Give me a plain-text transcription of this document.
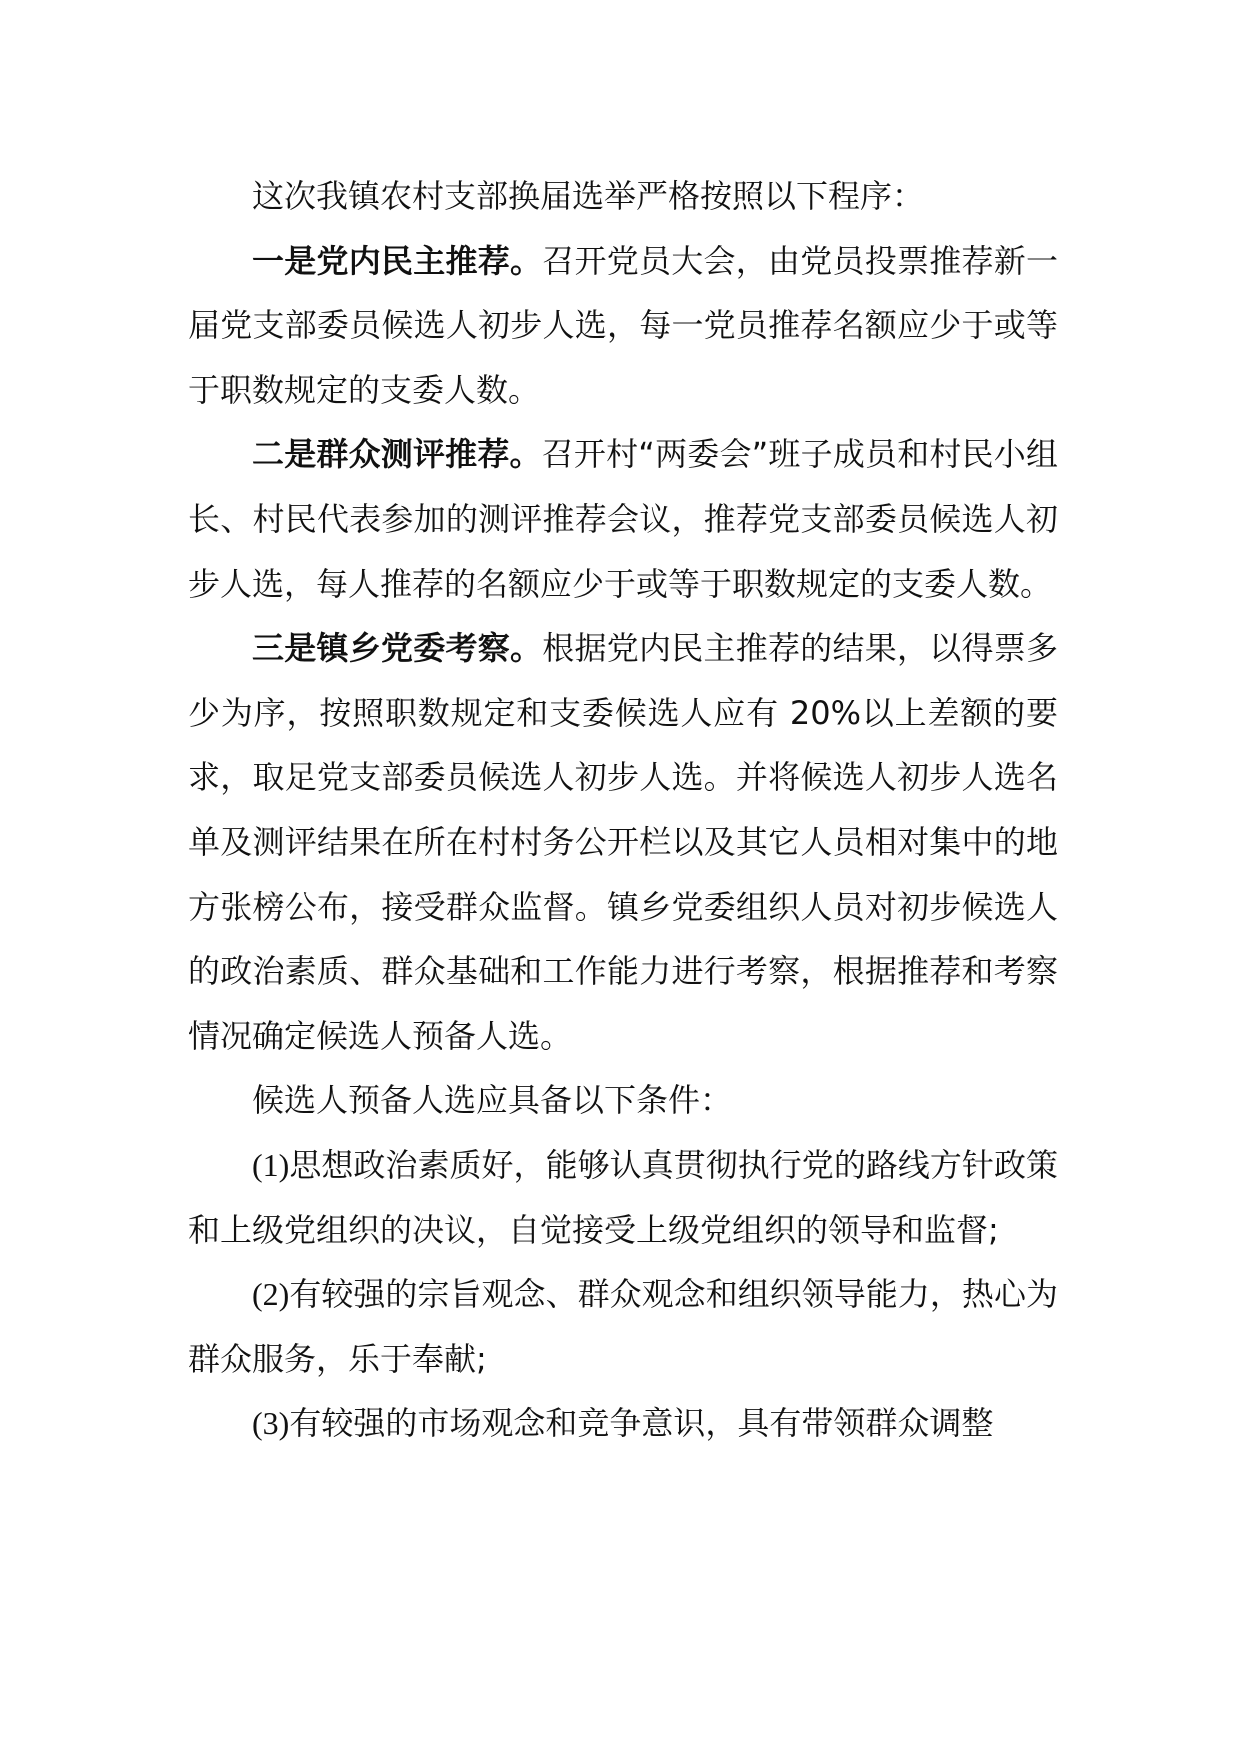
这次我镇农村支部换届选举严格按照以下程序：

一是党内民主推荐。召开党员大会，由党员投票推荐新一届党支部委员候选人初步人选，每一党员推荐名额应少于或等于职数规定的支委人数。

二是群众测评推荐。召开村“两委会”班子成员和村民小组长、村民代表参加的测评推荐会议，推荐党支部委员候选人初步人选，每人推荐的名额应少于或等于职数规定的支委人数。

三是镇乡党委考察。根据党内民主推荐的结果，以得票多少为序，按照职数规定和支委候选人应有 20%以上差额的要求，取足党支部委员候选人初步人选。并将候选人初步人选名单及测评结果在所在村村务公开栏以及其它人员相对集中的地方张榜公布，接受群众监督。镇乡党委组织人员对初步候选人的政治素质、群众基础和工作能力进行考察，根据推荐和考察情况确定候选人预备人选。

候选人预备人选应具备以下条件：

(1)思想政治素质好，能够认真贯彻执行党的路线方针政策和上级党组织的决议，自觉接受上级党组织的领导和监督;

(2)有较强的宗旨观念、群众观念和组织领导能力，热心为群众服务，乐于奉献;

(3)有较强的市场观念和竞争意识，具有带领群众调整
